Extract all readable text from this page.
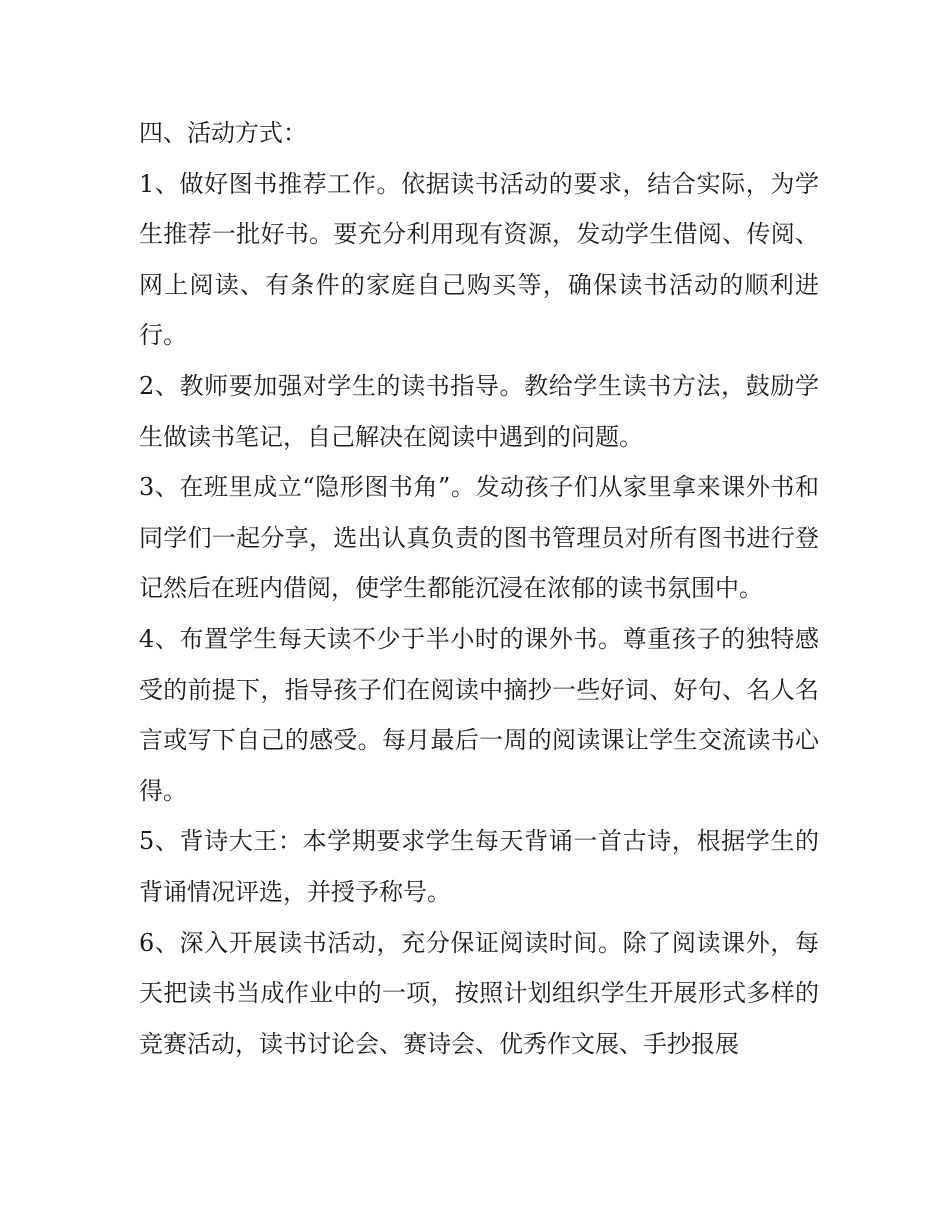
四、活动方式：

1、做好图书推荐工作。依据读书活动的要求，结合实际，为学生推荐一批好书。要充分利用现有资源，发动学生借阅、传阅、网上阅读、有条件的家庭自己购买等，确保读书活动的顺利进行。

2、教师要加强对学生的读书指导。教给学生读书方法，鼓励学生做读书笔记，自己解决在阅读中遇到的问题。

3、在班里成立“隐形图书角”。发动孩子们从家里拿来课外书和同学们一起分享，选出认真负责的图书管理员对所有图书进行登记然后在班内借阅，使学生都能沉浸在浓郁的读书氛围中。

4、布置学生每天读不少于半小时的课外书。尊重孩子的独特感受的前提下，指导孩子们在阅读中摘抄一些好词、好句、名人名言或写下自己的感受。每月最后一周的阅读课让学生交流读书心得。

5、背诗大王：本学期要求学生每天背诵一首古诗，根据学生的背诵情况评选，并授予称号。

6、深入开展读书活动，充分保证阅读时间。除了阅读课外，每天把读书当成作业中的一项，按照计划组织学生开展形式多样的竞赛活动，读书讨论会、赛诗会、优秀作文展、手抄报展
